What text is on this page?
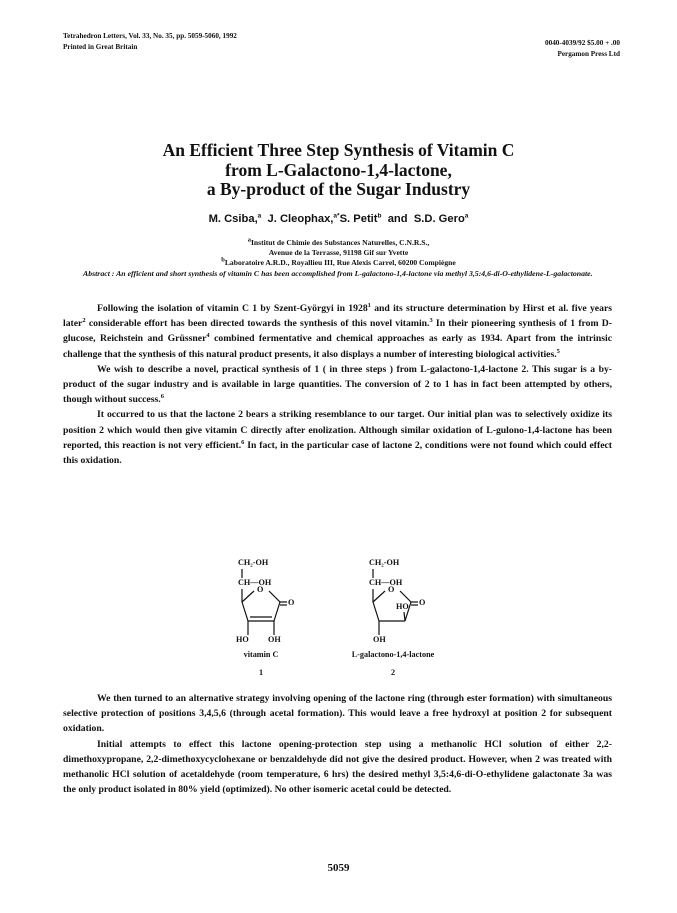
Tetrahedron Letters, Vol. 33, No. 35, pp. 5059-5060, 1992
Printed in Great Britain	0040-4039/92 $5.00 + .00
Pergamon Press Ltd
An Efficient Three Step Synthesis of Vitamin C
from L-Galactono-1,4-lactone,
a By-product of the Sugar Industry
M. Csiba,$^a$ J. Cleophax,$^{a*}$S. Petit$^b$ and S.D. Gero$^a$
$^a$Institut de Chimie des Substances Naturelles, C.N.R.S.,
Avenue de la Terrasse, 91198 Gif sur Yvette
$^b$Laboratoire A.R.D., Royallieu III, Rue Alexis Carrel, 60200 Compiègne
Abstract : An efficient and short synthesis of vitamin C has been accomplished from L-galactono-1,4-lactone via methyl 3,5:4,6-di-O-ethylidene-L-galactonate.

Following the isolation of vitamin C 1 by Szent-Györgyi in 1928$^1$ and its structure determination by Hirst et al. five years later$^2$ considerable effort has been directed towards the synthesis of this novel vitamin.$^3$ In their pioneering synthesis of 1 from D-glucose, Reichstein and Grüssner$^4$ combined fermentative and chemical approaches as early as 1934. Apart from the intrinsic challenge that the synthesis of this natural product presents, it also displays a number of interesting biological activities.$^5$

We wish to describe a novel, practical synthesis of 1 ( in three steps ) from L-galactono-1,4-lactone 2. This sugar is a by-product of the sugar industry and is available in large quantities. The conversion of 2 to 1 has in fact been attempted by others, though without success.$^6$

It occurred to us that the lactone 2 bears a striking resemblance to our target. Our initial plan was to selectively oxidize its position 2 which would then give vitamin C directly after enolization. Although similar oxidation of L-gulono-1,4-lactone has been reported, this reaction is not very efficient.$^6$ In fact, in the particular case of lactone 2, conditions were not found which could effect this oxidation.

CH₂-OH
CH—OH
O
O
HO OH
vitamin C
1
CH₂-OH
CH—OH
O
O
HO
OH
L-galactono-1,4-lactone
2

We then turned to an alternative strategy involving opening of the lactone ring (through ester formation) with simultaneous selective protection of positions 3,4,5,6 (through acetal formation). This would leave a free hydroxyl at position 2 for subsequent oxidation.

Initial attempts to effect this lactone opening-protection step using a methanolic HCl solution of either 2,2-dimethoxypropane, 2,2-dimethoxycyclohexane or benzaldehyde did not give the desired product. However, when 2 was treated with methanolic HCl solution of acetaldehyde (room temperature, 6 hrs) the desired methyl 3,5:4,6-di-O-ethylidene galactonate 3a was the only product isolated in 80% yield (optimized). No other isomeric acetal could be detected.

5059
